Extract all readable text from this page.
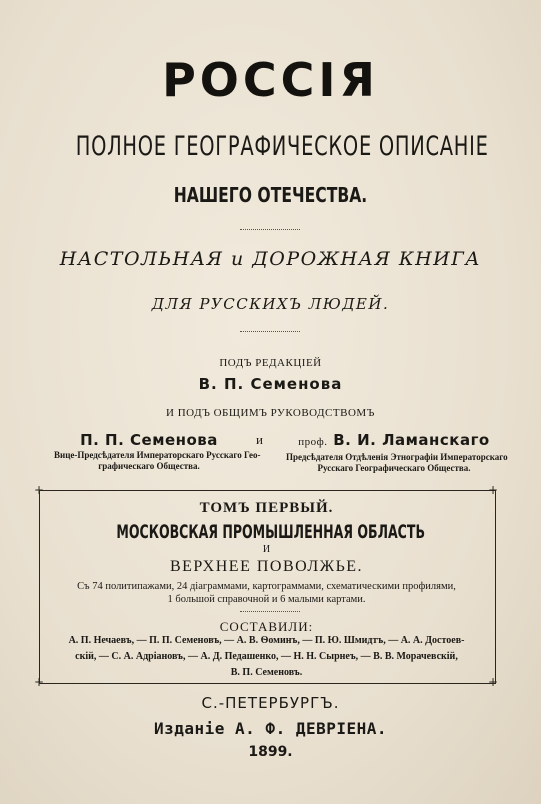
РОССІЯ
ПОЛНОЕ ГЕОГРАФИЧЕСКОЕ ОПИСАНІЕ
НАШЕГО ОТЕЧЕСТВА.
НАСТОЛЬНАЯ и ДОРОЖНАЯ КНИГА
ДЛЯ РУССКИХЪ ЛЮДЕЙ.
ПОДЪ РЕДАКЦІЕЙ
В. П. Семенова
И ПОДЪ ОБЩИМЪ РУКОВОДСТВОМЪ
П. П. Семенова
Вице-Предсѣдателя Императорскаго Русскаго Гео-
графическаго Общества.
и	проф. В. И. Ламанскаго
Предсѣдателя Отдѣленія Этнографіи Императорскаго
Русскаго Географическаго Общества.
+	+
+	+
ТОМЪ ПЕРВЫЙ.
МОСКОВСКАЯ ПРОМЫШЛЕННАЯ ОБЛАСТЬ
И
ВЕРХНЕЕ ПОВОЛЖЬЕ.
Съ 74 политипажами, 24 діаграммами, картограммами, схематическими профилями,
1 большой справочной и 6 малыми картами.
СОСТАВИЛИ:
А. П. Нечаевъ, — П. П. Семеновъ, — А. В. Ѳоминъ, — П. Ю. Шмидтъ, — А. А. Достоев-
скій, — С. А. Адріановъ, — А. Д. Педашенко, — Н. Н. Сырнеъ, — В. В. Морачевскій,
В. П. Семеновъ.
С.-ПЕТЕРБУРГЪ.
Изданіе А. Ф. ДЕВРІЕНА.
1899.
